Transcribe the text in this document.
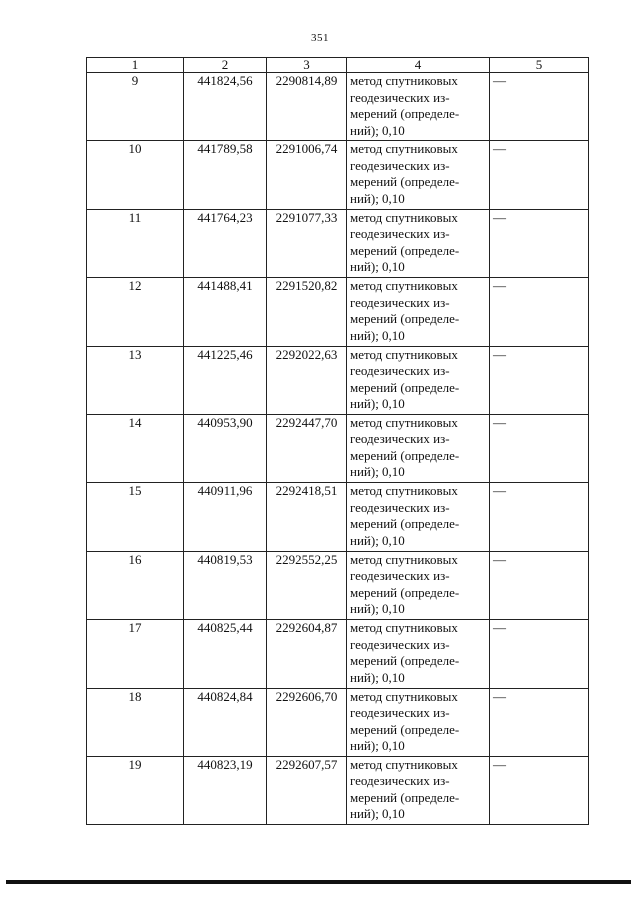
351
1	2	3	4	5
9	441824,56	2290814,89	метод спутниковых
геодезических из-
мерений (определе-
ний); 0,10	—
10	441789,58	2291006,74	метод спутниковых
геодезических из-
мерений (определе-
ний); 0,10	—
11	441764,23	2291077,33	метод спутниковых
геодезических из-
мерений (определе-
ний); 0,10	—
12	441488,41	2291520,82	метод спутниковых
геодезических из-
мерений (определе-
ний); 0,10	—
13	441225,46	2292022,63	метод спутниковых
геодезических из-
мерений (определе-
ний); 0,10	—
14	440953,90	2292447,70	метод спутниковых
геодезических из-
мерений (определе-
ний); 0,10	—
15	440911,96	2292418,51	метод спутниковых
геодезических из-
мерений (определе-
ний); 0,10	—
16	440819,53	2292552,25	метод спутниковых
геодезических из-
мерений (определе-
ний); 0,10	—
17	440825,44	2292604,87	метод спутниковых
геодезических из-
мерений (определе-
ний); 0,10	—
18	440824,84	2292606,70	метод спутниковых
геодезических из-
мерений (определе-
ний); 0,10	—
19	440823,19	2292607,57	метод спутниковых
геодезических из-
мерений (определе-
ний); 0,10	—
